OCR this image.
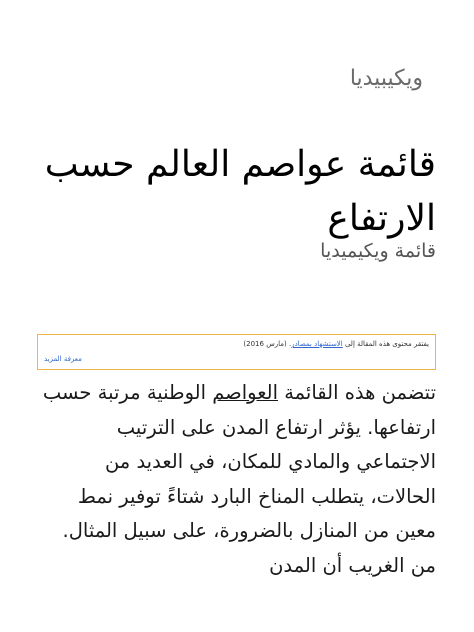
ويكيبيديا
قائمة عواصم العالم حسب الارتفاع
قائمة ويكيميديا
يفتقر محتوى هذه المقالة إلى الاستشهاد بمصادر. (مارس 2016)
معرفة المزيد

تتضمن هذه القائمة العواصم الوطنية مرتبة حسب ارتفاعها. يؤثر ارتفاع المدن على الترتيب الاجتماعي والمادي للمكان، في العديد من الحالات، يتطلب المناخ البارد شتاءً توفير نمط معين من المنازل بالضرورة، على سبيل المثال. من الغريب أن المدن
